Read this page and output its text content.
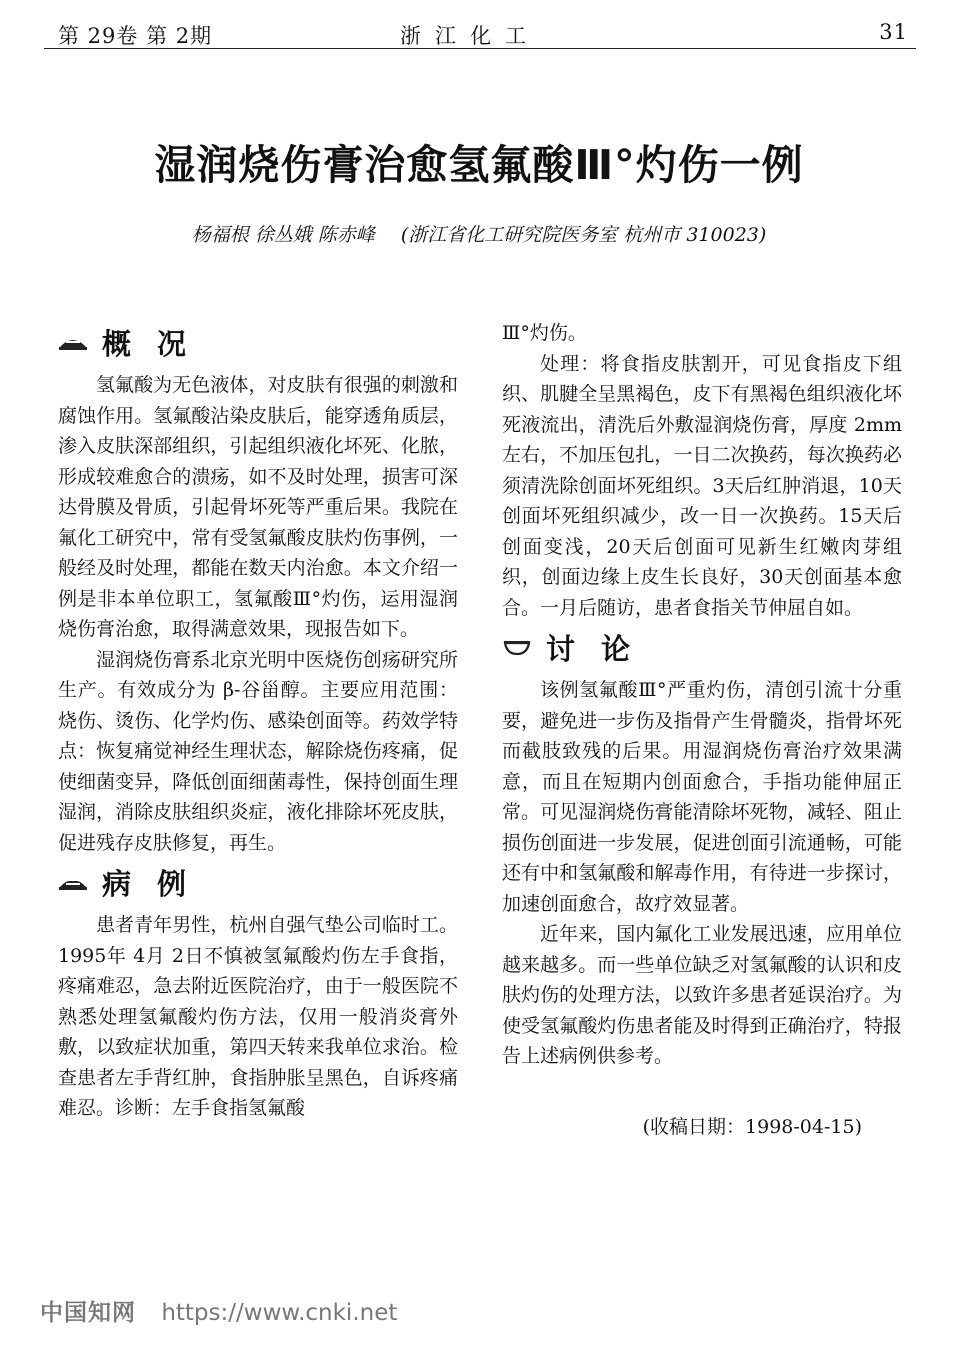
第 29卷 第 2期	浙江化工	31
湿润烧伤膏治愈氢氟酸Ⅲ°灼伤一例
杨福根 徐丛娥 陈赤峰 (浙江省化工研究院医务室 杭州市 310023)
概况

氢氟酸为无色液体，对皮肤有很强的刺激和腐蚀作用。氢氟酸沾染皮肤后，能穿透角质层，渗入皮肤深部组织，引起组织液化坏死、化脓，形成较难愈合的溃疡，如不及时处理，损害可深达骨膜及骨质，引起骨坏死等严重后果。我院在氟化工研究中，常有受氢氟酸皮肤灼伤事例，一般经及时处理，都能在数天内治愈。本文介绍一例是非本单位职工，氢氟酸Ⅲ°灼伤，运用湿润烧伤膏治愈，取得满意效果，现报告如下。

湿润烧伤膏系北京光明中医烧伤创疡研究所生产。有效成分为 β-谷甾醇。主要应用范围：烧伤、烫伤、化学灼伤、感染创面等。药效学特点：恢复痛觉神经生理状态，解除烧伤疼痛，促使细菌变异，降低创面细菌毒性，保持创面生理湿润，消除皮肤组织炎症，液化排除坏死皮肤，促进残存皮肤修复，再生。

病例

患者青年男性，杭州自强气垫公司临时工。1995年 4月 2日不慎被氢氟酸灼伤左手食指，疼痛难忍，急去附近医院治疗，由于一般医院不熟悉处理氢氟酸灼伤方法，仅用一般消炎膏外敷，以致症状加重，第四天转来我单位求治。检查患者左手背红肿，食指肿胀呈黑色，自诉疼痛难忍。诊断：左手食指氢氟酸

Ⅲ°灼伤。

处理：将食指皮肤割开，可见食指皮下组织、肌腱全呈黑褐色，皮下有黑褐色组织液化坏死液流出，清洗后外敷湿润烧伤膏，厚度 2mm左右，不加压包扎，一日二次换药，每次换药必须清洗除创面坏死组织。3天后红肿消退，10天创面坏死组织减少，改一日一次换药。15天后创面变浅，20天后创面可见新生红嫩肉芽组织，创面边缘上皮生长良好，30天创面基本愈合。一月后随访，患者食指关节伸屈自如。

讨论

该例氢氟酸Ⅲ°严重灼伤，清创引流十分重要，避免进一步伤及指骨产生骨髓炎，指骨坏死而截肢致残的后果。用湿润烧伤膏治疗效果满意，而且在短期内创面愈合，手指功能伸屈正常。可见湿润烧伤膏能清除坏死物，减轻、阻止损伤创面进一步发展，促进创面引流通畅，可能还有中和氢氟酸和解毒作用，有待进一步探讨，加速创面愈合，故疗效显著。

近年来，国内氟化工业发展迅速，应用单位越来越多。而一些单位缺乏对氢氟酸的认识和皮肤灼伤的处理方法，以致许多患者延误治疗。为使受氢氟酸灼伤患者能及时得到正确治疗，特报告上述病例供参考。

(收稿日期：1998-04-15)

中国知网 https://www.cnki.net
